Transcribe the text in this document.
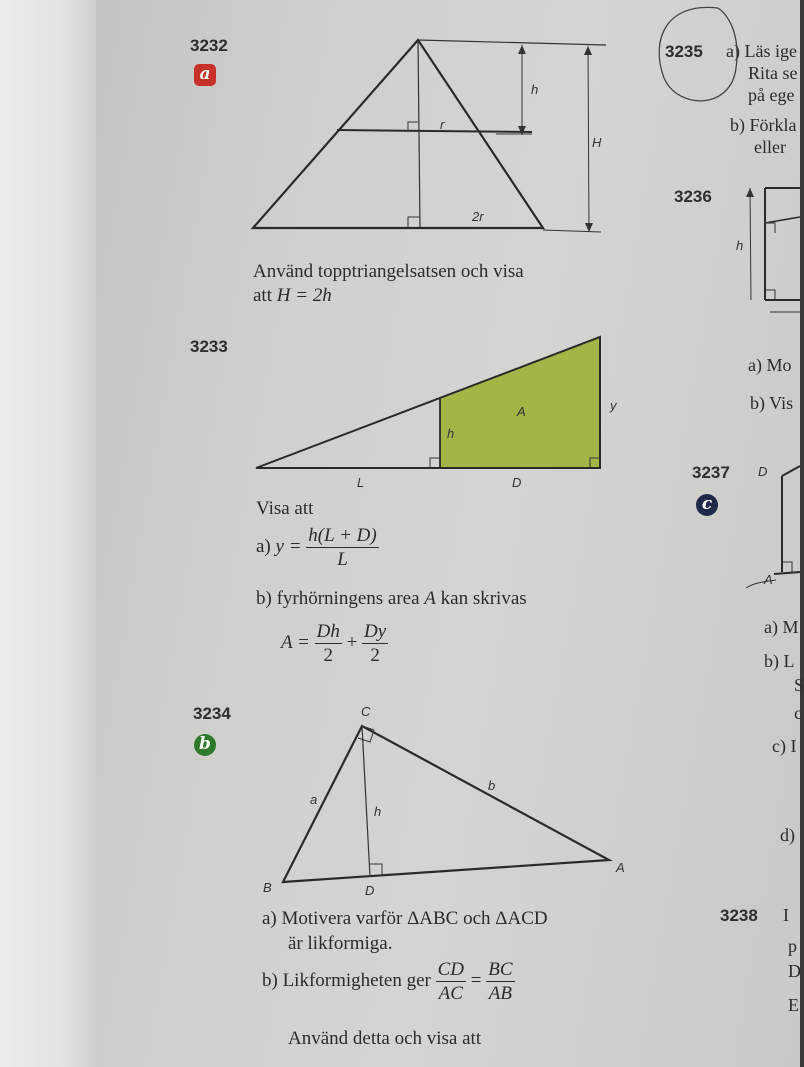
3232
a
h
H
r
2r
Använd topptriangelsatsen och visa
att H = 2h
3233
A	y
h
L	D
Visa att
a) $y = \frac{h(L + D)}{L}$
b) fyrhörningens area A kan skrivas
$A = \frac{Dh}{2} + \frac{Dy}{2}$
3234
b
C
a
b
h
B	D
A
a) Motivera varför ΔABC och ΔACD
är likformiga.
b) Likformigheten ger $\frac{CD}{AC} = \frac{BC}{AB}$
Använd detta och visa att
3235 a) Läs ige
Rita se
på ege
b) Förkla
eller
3236
h
a) Mo
b) Vis
3237
c
D
A
a) M
b) L
S
c
c) I
d)
3238 I
p
D
E
